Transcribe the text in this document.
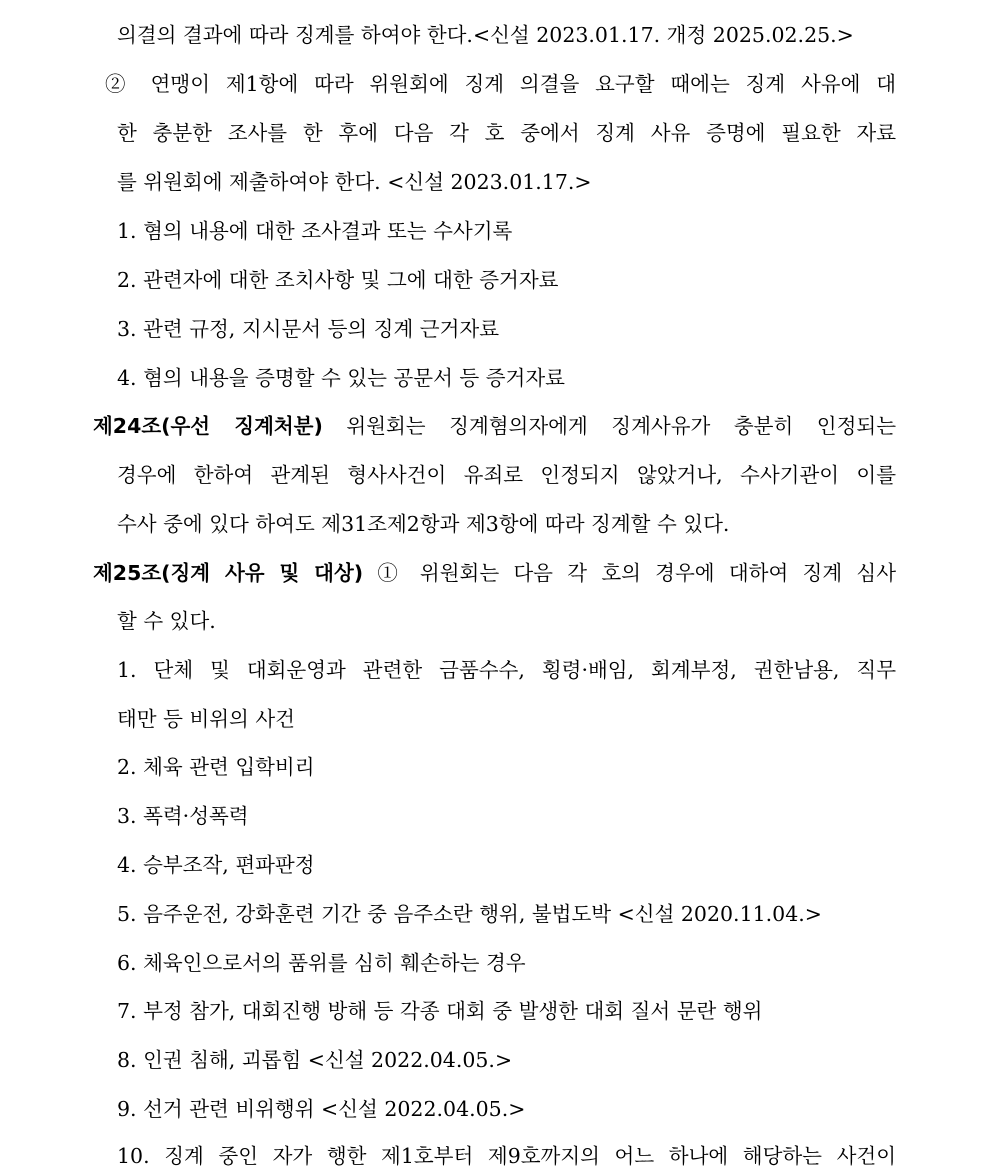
의결의 결과에 따라 징계를 하여야 한다.<신설 2023.01.17. 개정 2025.02.25.>
② 연맹이 제1항에 따라 위원회에 징계 의결을 요구할 때에는 징계 사유에 대
한 충분한 조사를 한 후에 다음 각 호 중에서 징계 사유 증명에 필요한 자료
를 위원회에 제출하여야 한다. <신설 2023.01.17.>
1. 혐의 내용에 대한 조사결과 또는 수사기록
2. 관련자에 대한 조치사항 및 그에 대한 증거자료
3. 관련 규정, 지시문서 등의 징계 근거자료
4. 혐의 내용을 증명할 수 있는 공문서 등 증거자료
제24조(우선 징계처분) 위원회는 징계혐의자에게 징계사유가 충분히 인정되는
경우에 한하여 관계된 형사사건이 유죄로 인정되지 않았거나, 수사기관이 이를
수사 중에 있다 하여도 제31조제2항과 제3항에 따라 징계할 수 있다.
제25조(징계 사유 및 대상) ① 위원회는 다음 각 호의 경우에 대하여 징계 심사
할 수 있다.
1. 단체 및 대회운영과 관련한 금품수수, 횡령·배임, 회계부정, 권한남용, 직무
태만 등 비위의 사건
2. 체육 관련 입학비리
3. 폭력·성폭력
4. 승부조작, 편파판정
5. 음주운전, 강화훈련 기간 중 음주소란 행위, 불법도박 <신설 2020.11.04.>
6. 체육인으로서의 품위를 심히 훼손하는 경우
7. 부정 참가, 대회진행 방해 등 각종 대회 중 발생한 대회 질서 문란 행위
8. 인권 침해, 괴롭힘 <신설 2022.04.05.>
9. 선거 관련 비위행위 <신설 2022.04.05.>
10. 징계 중인 자가 행한 제1호부터 제9호까지의 어느 하나에 해당하는 사건이
